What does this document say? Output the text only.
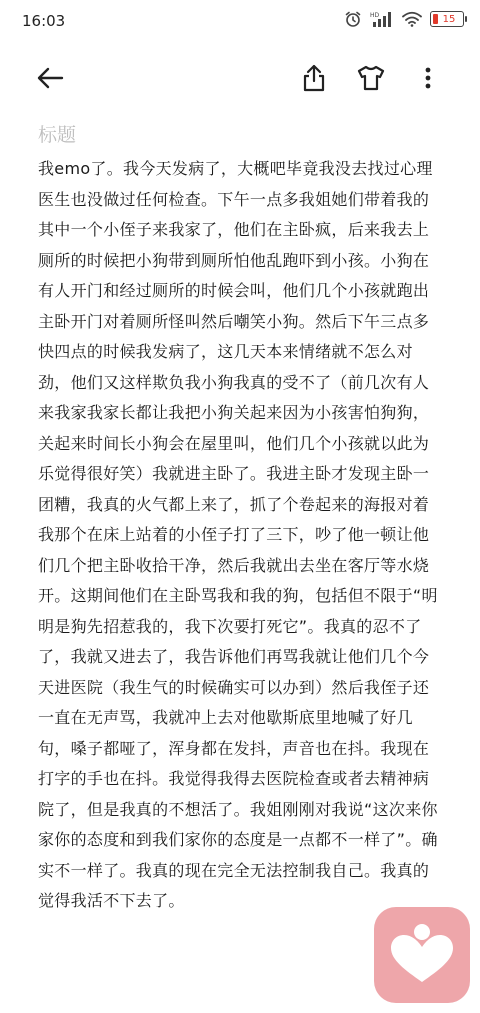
16:03	HD	15
标题
我emo了。我今天发病了，大概吧毕竟我没去找过心理医生也没做过任何检查。下午一点多我姐她们带着我的其中一个小侄子来我家了，他们在主卧疯，后来我去上厕所的时候把小狗带到厕所怕他乱跑吓到小孩。小狗在有人开门和经过厕所的时候会叫，他们几个小孩就跑出主卧开门对着厕所怪叫然后嘲笑小狗。然后下午三点多快四点的时候我发病了，这几天本来情绪就不怎么对劲，他们又这样欺负我小狗我真的受不了（前几次有人来我家我家长都让我把小狗关起来因为小孩害怕狗狗，关起来时间长小狗会在屋里叫，他们几个小孩就以此为乐觉得很好笑）我就进主卧了。我进主卧才发现主卧一团糟，我真的火气都上来了，抓了个卷起来的海报对着我那个在床上站着的小侄子打了三下，吵了他一顿让他们几个把主卧收拾干净，然后我就出去坐在客厅等水烧开。这期间他们在主卧骂我和我的狗，包括但不限于“明明是狗先招惹我的，我下次要打死它”。我真的忍不了了，我就又进去了，我告诉他们再骂我就让他们几个今天进医院（我生气的时候确实可以办到）然后我侄子还一直在无声骂，我就冲上去对他歇斯底里地喊了好几句，嗓子都哑了，浑身都在发抖，声音也在抖。我现在打字的手也在抖。我觉得我得去医院检查或者去精神病院了，但是我真的不想活了。我姐刚刚对我说“这次来你家你的态度和到我们家你的态度是一点都不一样了”。确实不一样了。我真的现在完全无法控制我自己。我真的觉得我活不下去了。
